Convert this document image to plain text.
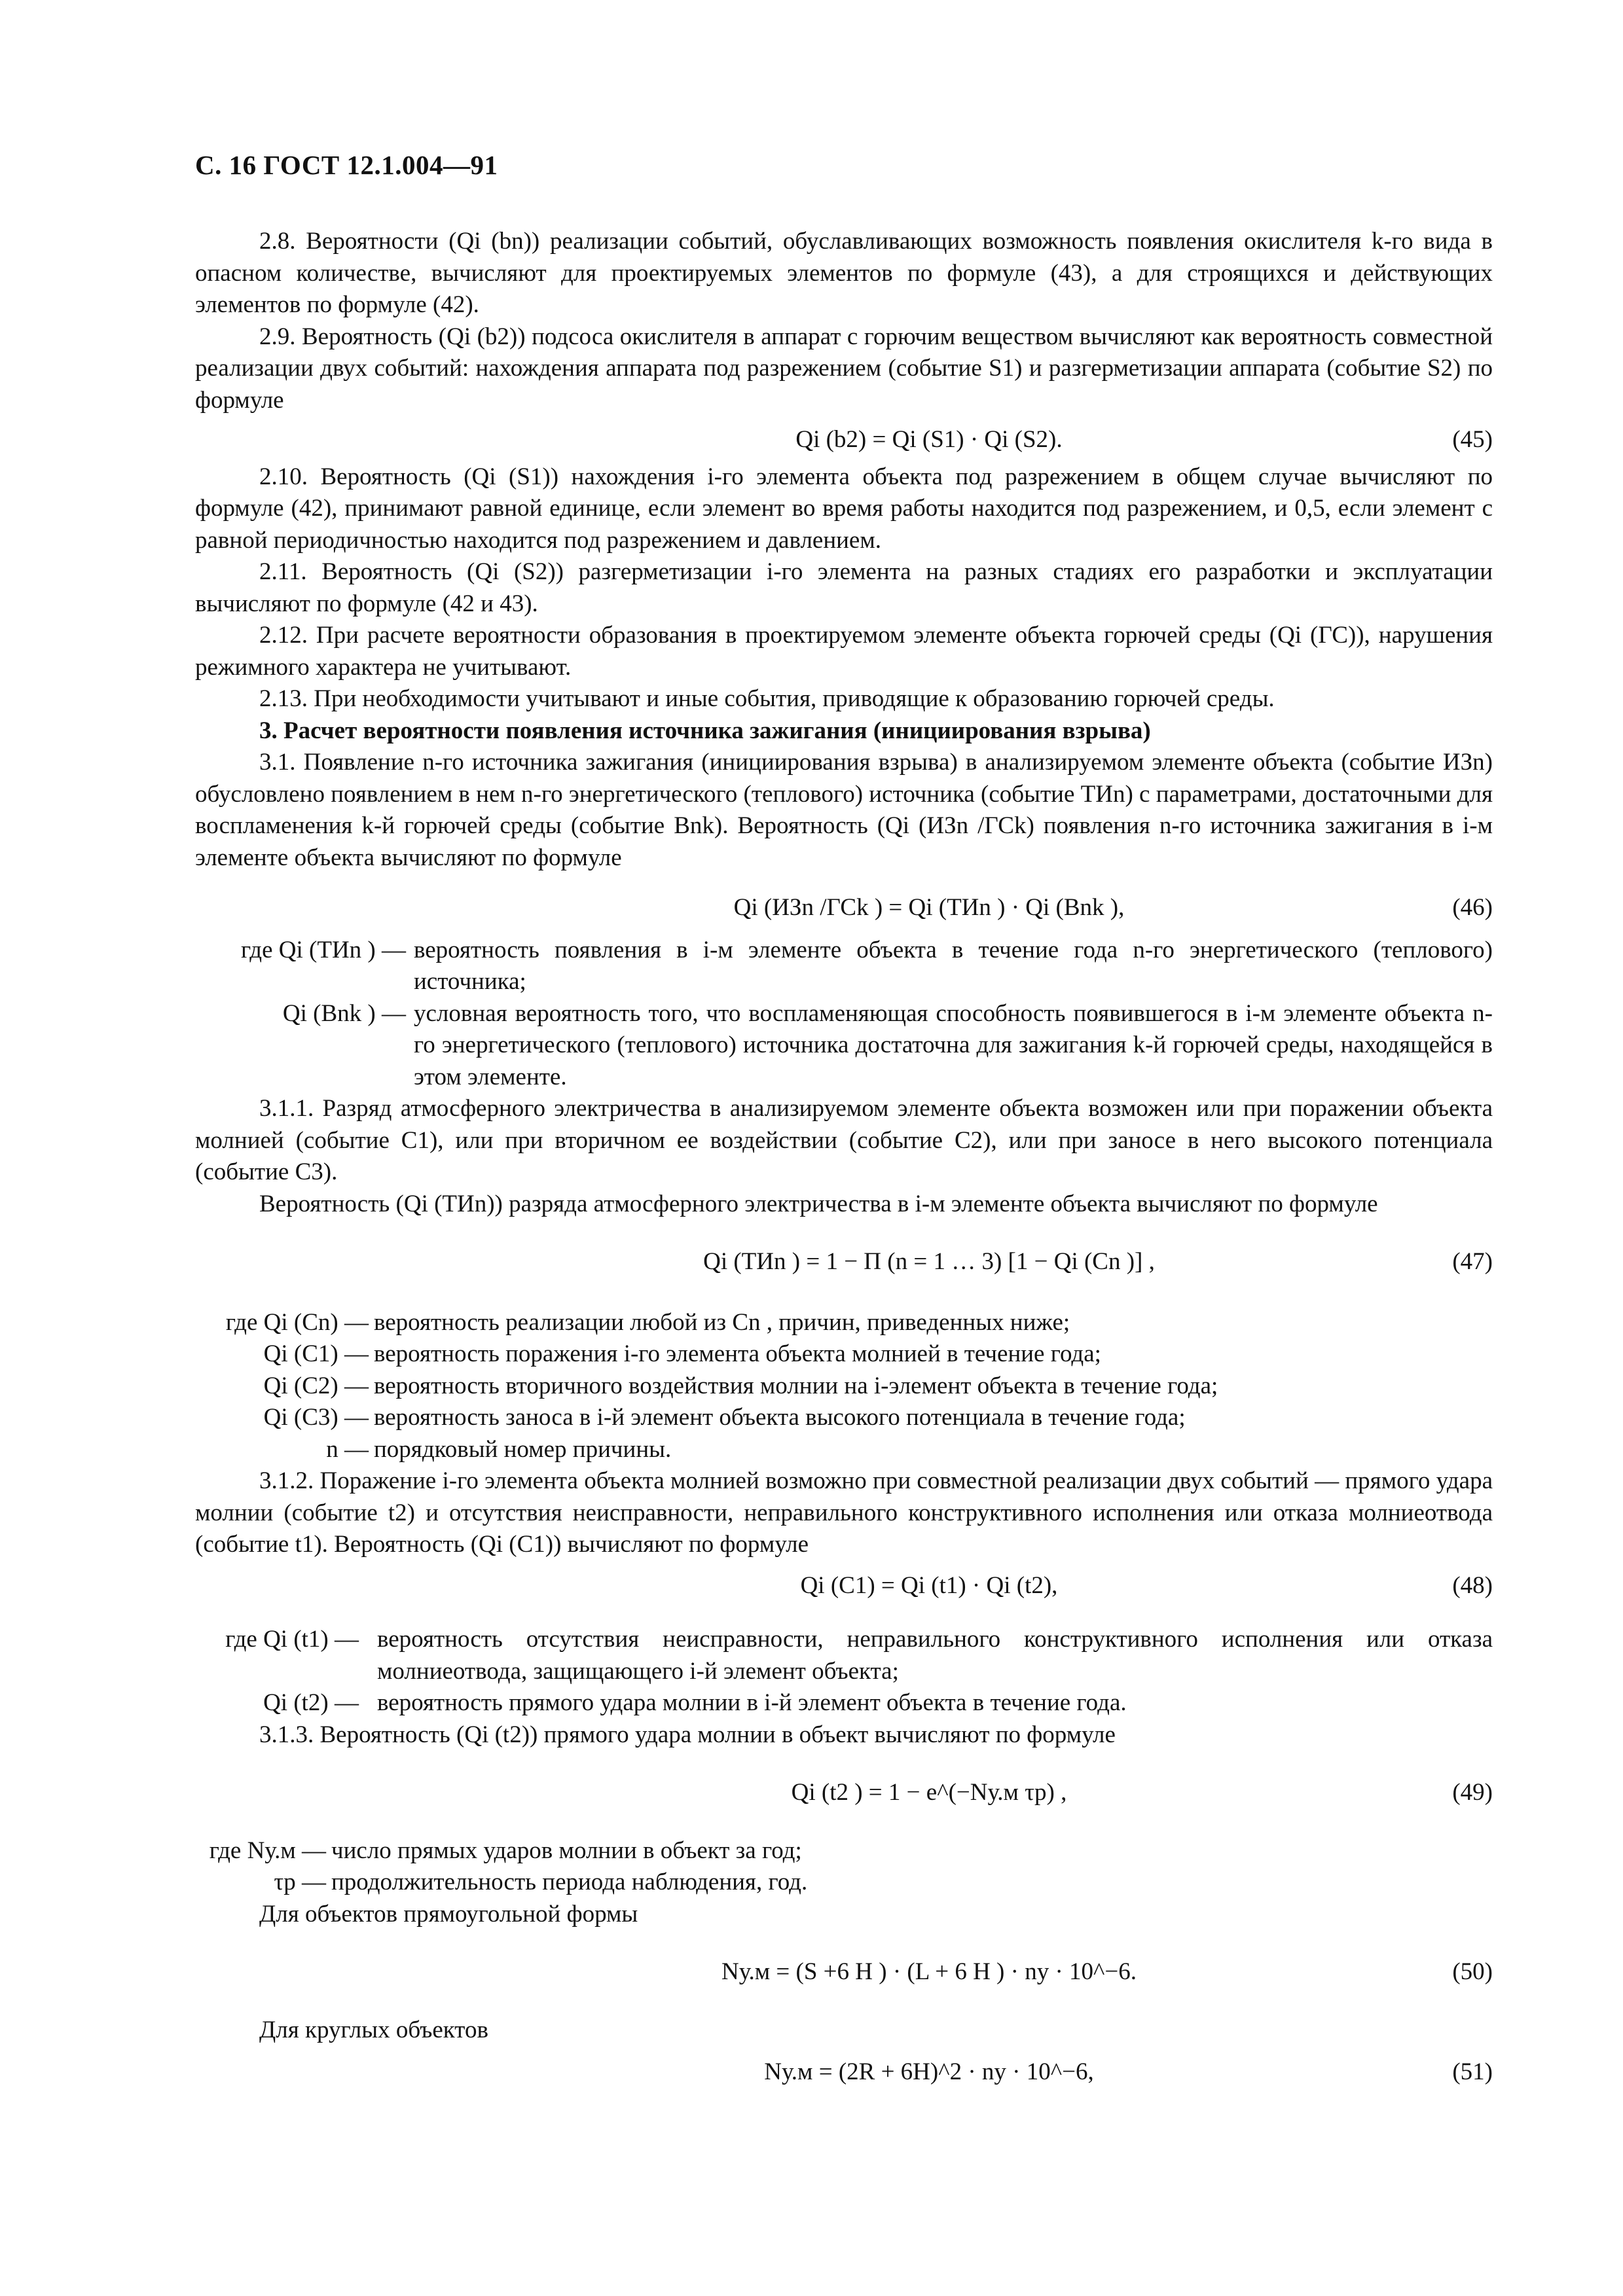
С. 16 ГОСТ 12.1.004—91

2.8. Вероятности (Qi (bn)) реализации событий, обуславливающих возможность появления окислителя k-го вида в опасном количестве, вычисляют для проектируемых элементов по формуле (43), а для строящихся и действующих элементов по формуле (42).

2.9. Вероятность (Qi (b2)) подсоса окислителя в аппарат с горючим веществом вычисляют как вероятность совместной реализации двух событий: нахождения аппарата под разрежением (событие S1) и разгерметизации аппарата (событие S2) по формуле

Qi (b2) = Qi (S1) · Qi (S2).	(45)

2.10. Вероятность (Qi (S1)) нахождения i-го элемента объекта под разрежением в общем случае вычисляют по формуле (42), принимают равной единице, если элемент во время работы находится под разрежением, и 0,5, если элемент с равной периодичностью находится под разрежением и давлением.

2.11. Вероятность (Qi (S2)) разгерметизации i-го элемента на разных стадиях его разработки и эксплуатации вычисляют по формуле (42 и 43).

2.12. При расчете вероятности образования в проектируемом элементе объекта горючей среды (Qi (ГС)), нарушения режимного характера не учитывают.

2.13. При необходимости учитывают и иные события, приводящие к образованию горючей среды.

3. Расчет вероятности появления источника зажигания (инициирования взрыва)

3.1. Появление n-го источника зажигания (инициирования взрыва) в анализируемом элементе объекта (событие ИЗn) обусловлено появлением в нем n-го энергетического (теплового) источника (событие ТИn) с параметрами, достаточными для воспламенения k-й горючей среды (событие Bnk). Вероятность (Qi (ИЗn /ГСk) появления n-го источника зажигания в i-м элементе объекта вычисляют по формуле

Qi (ИЗn /ГСk ) = Qi (ТИn ) · Qi (Bnk ),	(46)
где Qi (ТИn ) — вероятность появления в i-м элементе объекта в течение года n-го энергетического (теплового) источника;
Qi (Bnk ) — условная вероятность того, что воспламеняющая способность появившегося в i-м элементе объекта n-го энергетического (теплового) источника достаточна для зажигания k-й горючей среды, находящейся в этом элементе.

3.1.1. Разряд атмосферного электричества в анализируемом элементе объекта возможен или при поражении объекта молнией (событие C1), или при вторичном ее воздействии (событие C2), или при заносе в него высокого потенциала (событие C3).

Вероятность (Qi (ТИn)) разряда атмосферного электричества в i-м элементе объекта вычисляют по формуле

Qi (ТИn ) = 1 − Π (n = 1 … 3) [1 − Qi (Cn )] ,	(47)
где Qi (Cn) — вероятность реализации любой из Cn , причин, приведенных ниже;
Qi (C1) — вероятность поражения i-го элемента объекта молнией в течение года;
Qi (C2) — вероятность вторичного воздействия молнии на i-элемент объекта в течение года;
Qi (C3) — вероятность заноса в i-й элемент объекта высокого потенциала в течение года;
n — порядковый номер причины.

3.1.2. Поражение i-го элемента объекта молнией возможно при совместной реализации двух событий — прямого удара молнии (событие t2) и отсутствия неисправности, неправильного конструктивного исполнения или отказа молниеотвода (событие t1). Вероятность (Qi (C1)) вычисляют по формуле

Qi (C1) = Qi (t1) · Qi (t2),	(48)
где Qi (t1) — вероятность отсутствия неисправности, неправильного конструктивного исполнения или отказа молниеотвода, защищающего i-й элемент объекта;
Qi (t2) — вероятность прямого удара молнии в i-й элемент объекта в течение года.

3.1.3. Вероятность (Qi (t2)) прямого удара молнии в объект вычисляют по формуле

Qi (t2 ) = 1 − e^(−Nу.м τр) ,	(49)
где Nу.м — число прямых ударов молнии в объект за год;
τр — продолжительность периода наблюдения, год.

Для объектов прямоугольной формы

Nу.м = (S +6 H ) · (L + 6 H ) · nу · 10^−6.	(50)

Для круглых объектов

Nу.м = (2R + 6H)^2 · nу · 10^−6,	(51)
